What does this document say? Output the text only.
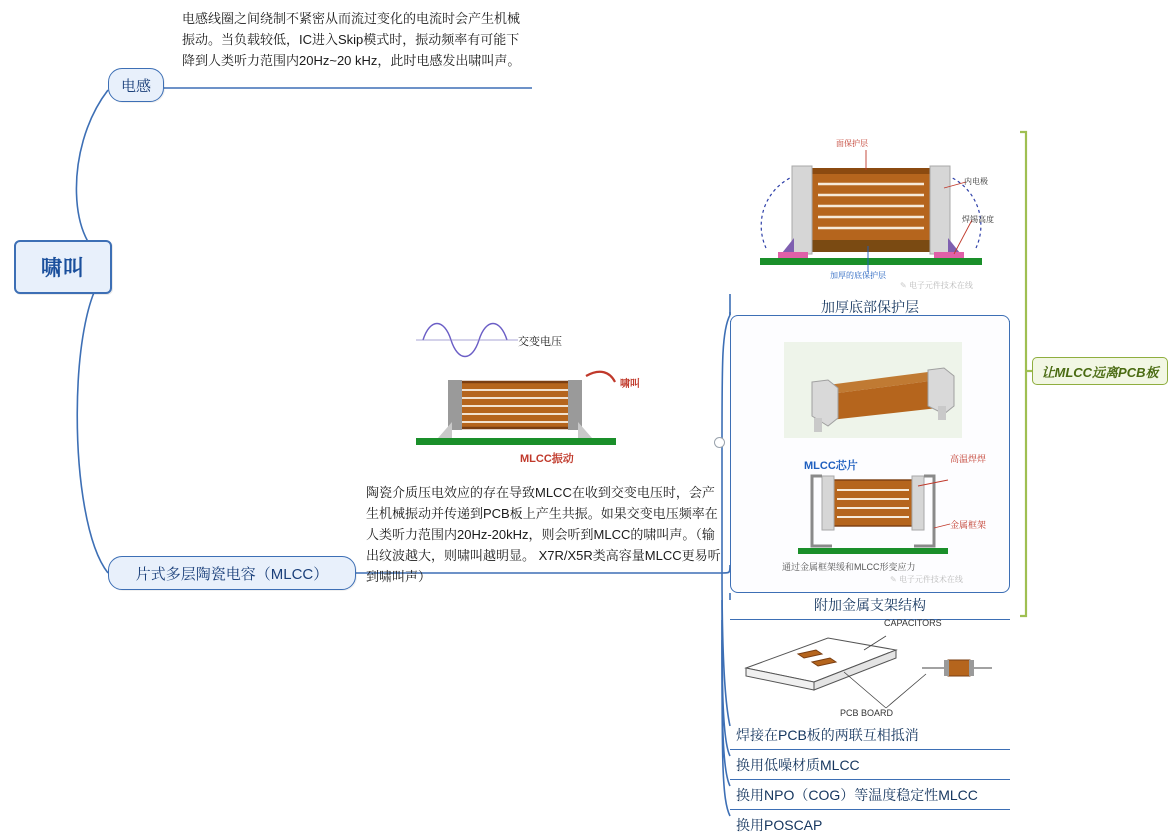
啸叫
电感
电感线圈之间绕制不紧密从而流过变化的电流时会产生机械振动。当负载较低，IC进入Skip模式时，振动频率有可能下降到人类听力范围内20Hz~20 kHz，此时电感发出啸叫声。
片式多层陶瓷电容（MLCC）
陶瓷介质压电效应的存在导致MLCC在收到交变电压时，会产生机械振动并传递到PCB板上产生共振。如果交变电压频率在人类听力范围内20Hz-20kHz，则会听到MLCC的啸叫声。（输出纹波越大，则啸叫越明显。 X7R/X5R类高容量MLCC更易听到啸叫声）
交变电压
啸叫
MLCC振动
面保护层
内电极
焊锡高度
加厚的底保护层
✎ 电子元件技术在线
加厚底部保护层
MLCC芯片
高温焊焊
金属框架
通过金属框架缓和MLCC形变应力
✎ 电子元件技术在线
附加金属支架结构
CAPACITORS
PCB BOARD
焊接在PCB板的两联互相抵消
换用低噪材质MLCC
换用NPO（COG）等温度稳定性MLCC
换用POSCAP
让MLCC远离PCB板
